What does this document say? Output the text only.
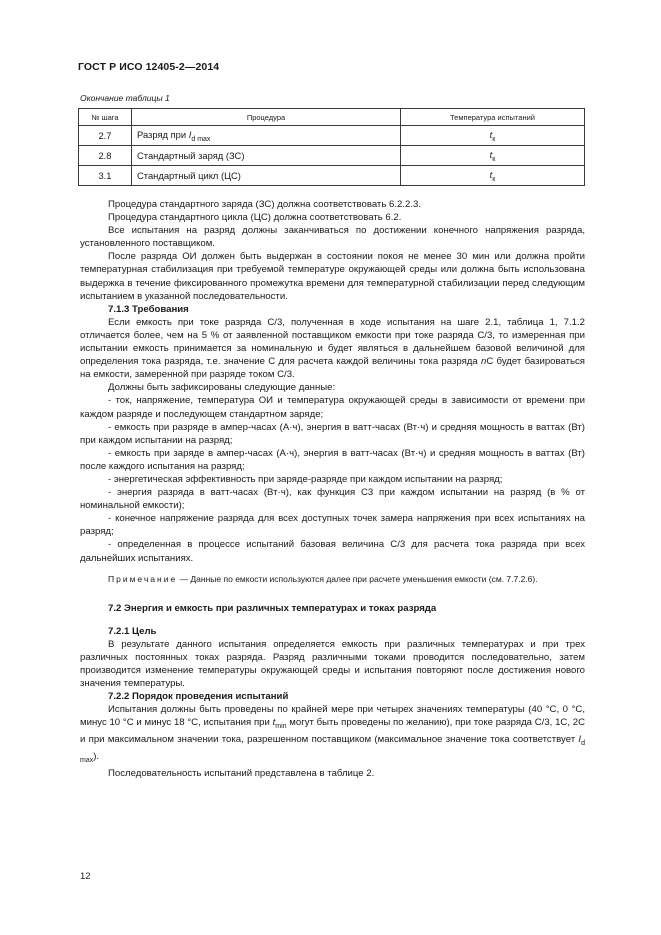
ГОСТ Р ИСО 12405-2—2014
Окончание таблицы 1
№ шага	Процедура	Температура испытаний
2.7	Разряд при $I_{d max}$	$t_к$
2.8	Стандартный заряд (ЗС)	$t_к$
3.1	Стандартный цикл (ЦС)	$t_к$

Процедура стандартного заряда (ЗС) должна соответствовать 6.2.2.3.

Процедура стандартного цикла (ЦС) должна соответствовать 6.2.

Все испытания на разряд должны заканчиваться по достижении конечного напряжения разряда, установленного поставщиком.

После разряда ОИ должен быть выдержан в состоянии покоя не менее 30 мин или должна пройти температурная стабилизация при требуемой температуре окружающей среды или должна быть использована выдержка в течение фиксированного промежутка времени для температурной стабилизации перед следующим испытанием в указанной последовательности.

7.1.3 Требования

Если емкость при токе разряда C/3, полученная в ходе испытания на шаге 2.1, таблица 1, 7.1.2 отличается более, чем на 5 % от заявленной поставщиком емкости при токе разряда C/3, то измеренная при испытании емкость принимается за номинальную и будет являться в дальнейшем базовой величиной для определения тока разряда, т.е. значение C для расчета каждой величины тока разряда nC будет базироваться на емкости, замеренной при разряде током C/3.

Должны быть зафиксированы следующие данные:

- ток, напряжение, температура ОИ и температура окружающей среды в зависимости от времени при каждом разряде и последующем стандартном заряде;

- емкость при разряде в ампер-часах (А·ч), энергия в ватт-часах (Вт·ч) и средняя мощность в ваттах (Вт) при каждом испытании на разряд;

- емкость при заряде в ампер-часах (А·ч), энергия в ватт-часах (Вт·ч) и средняя мощность в ваттах (Вт) после каждого испытания на разряд;

- энергетическая эффективность при заряде-разряде при каждом испытании на разряд;

- энергия разряда в ватт-часах (Вт·ч), как функция C3 при каждом испытании на разряд (в % от номинальной емкости);

- конечное напряжение разряда для всех доступных точек замера напряжения при всех испытаниях на разряд;

- определенная в процессе испытаний базовая величина C/3 для расчета тока разряда при всех дальнейших испытаниях.

Примечание — Данные по емкости используются далее при расчете уменьшения емкости (см. 7.7.2.6).

7.2 Энергия и емкость при различных температурах и токах разряда

7.2.1 Цель

В результате данного испытания определяется емкость при различных температурах и при трех различных постоянных токах разряда. Разряд различными токами проводится последовательно, затем производится изменение температуры окружающей среды и испытания повторяют после достижения нового значения температуры.

7.2.2 Порядок проведения испытаний

Испытания должны быть проведены по крайней мере при четырех значениях температуры (40 °C, 0 °C, минус 10 °C и минус 18 °C, испытания при $t_{min}$ могут быть проведены по желанию), при токе разряда C/3, 1C, 2C и при максимальном значении тока, разрешенном поставщиком (максимальное значение тока соответствует $I_{d max}$).

Последовательность испытаний представлена в таблице 2.

12
